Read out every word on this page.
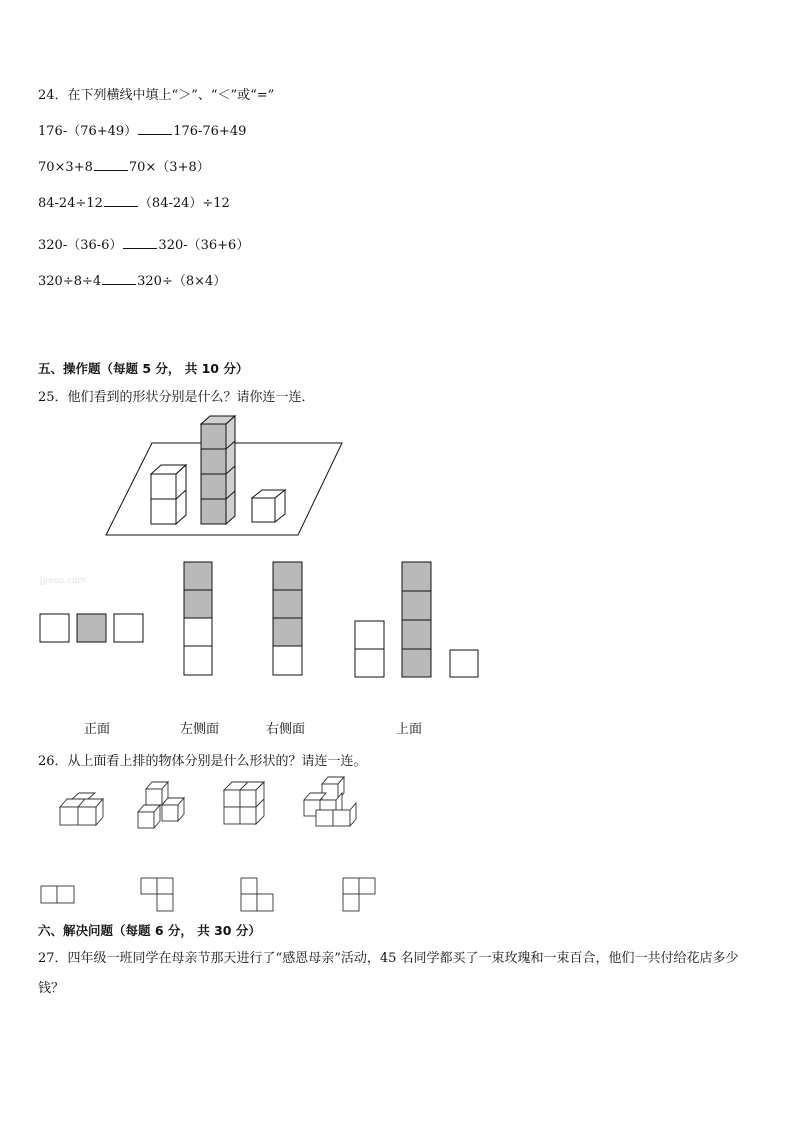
24．在下列横线中填上“＞”、“＜”或“=”
176-（76+49）	176-76+49
70×3+8	70×（3+8）
84-24÷12	（84-24）÷12
320-（36-6）	320-（36+6）
320÷8÷4	320÷（8×4）
五、操作题（每题 5 分， 共 10 分）
25．他们看到的形状分别是什么？请你连一连．
jyeoo.com
正面	左侧面	右侧面	上面
26．从上面看上排的物体分别是什么形状的？请连一连。
六、解决问题（每题 6 分， 共 30 分）
27．四年级一班同学在母亲节那天进行了“感恩母亲”活动，45 名同学都买了一束玫瑰和一束百合，他们一共付给花店多少钱？
